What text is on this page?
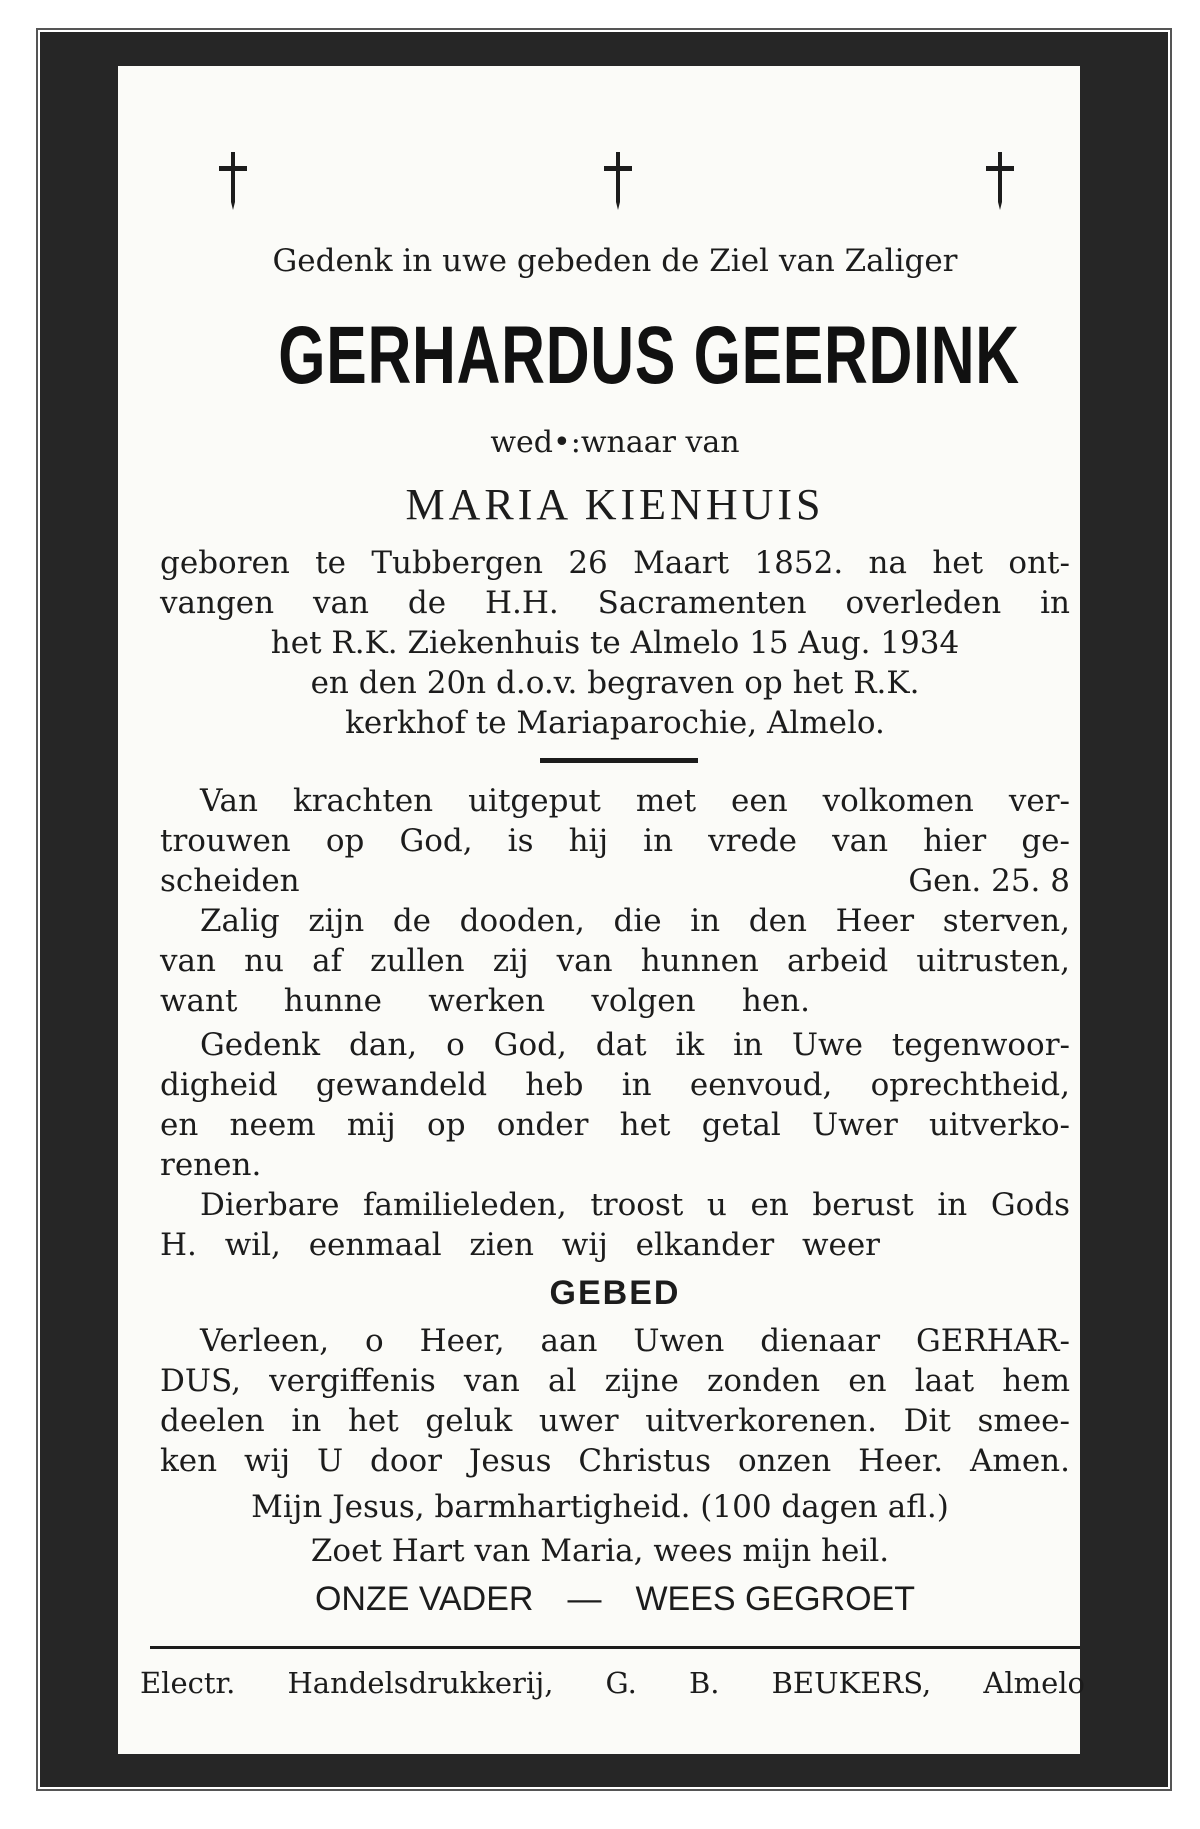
Gedenk in uwe gebeden de Ziel van Zaliger
GERHARDUS GEERDINK
wed•:wnaar van
MARIA KIENHUIS
geboren te Tubbergen 26 Maart 1852. na het ont-
vangen van de H.H. Sacramenten overleden in
het R.K. Ziekenhuis te Almelo 15 Aug. 1934
en den 20n d.o.v. begraven op het R.K.
kerkhof te Mariaparochie, Almelo.
Van krachten uitgeput met een volkomen ver-
trouwen op God, is hij in vrede van hier ge-
scheiden	Gen. 25. 8
Zalig zijn de dooden, die in den Heer sterven,
van nu af zullen zij van hunnen arbeid uitrusten,
want hunne werken volgen hen.
Gedenk dan, o God, dat ik in Uwe tegenwoor-
digheid gewandeld heb in eenvoud, oprechtheid,
en neem mij op onder het getal Uwer uitverko-
renen.
Dierbare familieleden, troost u en berust in Gods
H. wil, eenmaal zien wij elkander weer
GEBED
Verleen, o Heer, aan Uwen dienaar GERHAR-
DUS, vergiffenis van al zijne zonden en laat hem
deelen in het geluk uwer uitverkorenen. Dit smee-
ken wij U door Jesus Christus onzen Heer. Amen.
Mijn Jesus, barmhartigheid. (100 dagen afl.)
Zoet Hart van Maria, wees mijn heil.
ONZE VADER — WEES GEGROET
Electr. Handelsdrukkerij, G. B. BEUKERS, Almelo
